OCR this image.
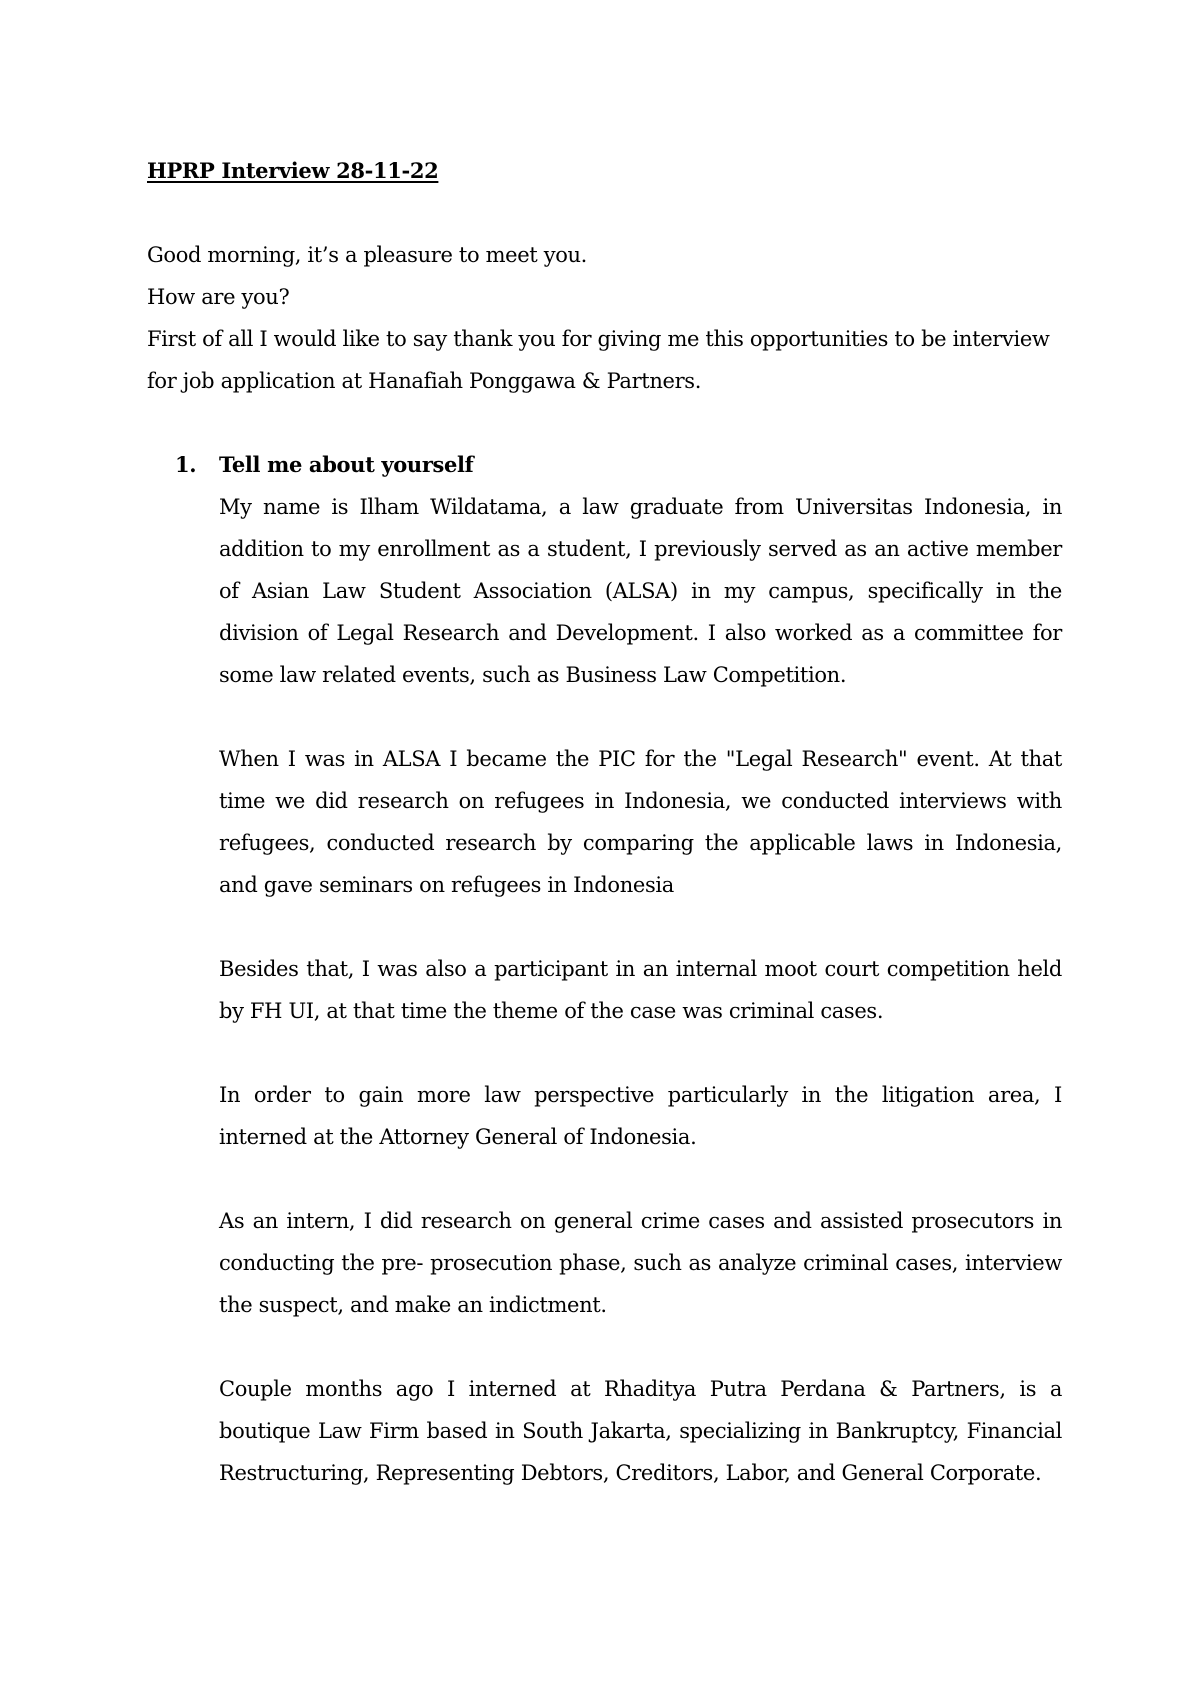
HPRP Interview 28-11-22

Good morning, it’s a pleasure to meet you.

How are you?

First of all I would like to say thank you for giving me this opportunities to be interview for job application at Hanafiah Ponggawa & Partners.

1. Tell me about yourself

My name is Ilham Wildatama, a law graduate from Universitas Indonesia, in addition to my enrollment as a student, I previously served as an active member of Asian Law Student Association (ALSA) in my campus, specifically in the division of Legal Research and Development. I also worked as a committee for some law related events, such as Business Law Competition.

When I was in ALSA I became the PIC for the "Legal Research" event. At that time we did research on refugees in Indonesia, we conducted interviews with refugees, conducted research by comparing the applicable laws in Indonesia, and gave seminars on refugees in Indonesia

Besides that, I was also a participant in an internal moot court competition held by FH UI, at that time the theme of the case was criminal cases.

In order to gain more law perspective particularly in the litigation area, I interned at the Attorney General of Indonesia.

As an intern, I did research on general crime cases and assisted prosecutors in conducting the pre- prosecution phase, such as analyze criminal cases, interview the suspect, and make an indictment.

Couple months ago I interned at Rhaditya Putra Perdana & Partners, is a boutique Law Firm based in South Jakarta, specializing in Bankruptcy, Financial Restructuring, Representing Debtors, Creditors, Labor, and General Corporate.
